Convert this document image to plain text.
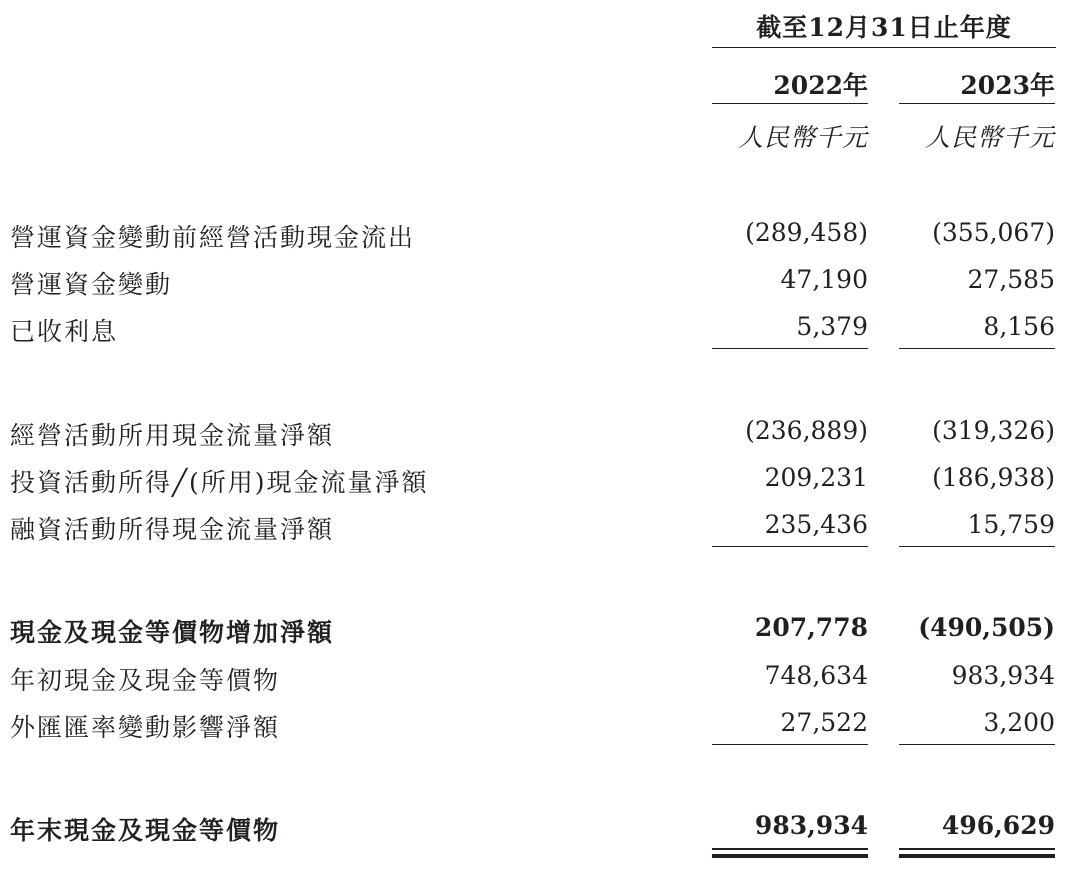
截至12月31日止年度
2022年	2023年
人民幣千元	人民幣千元
營運資金變動前經營活動現金流出	(289,458)	(355,067)
營運資金變動	47,190	27,585
已收利息	5,379	8,156
經營活動所用現金流量淨額	(236,889)	(319,326)
投資活動所得╱(所用)現金流量淨額	209,231	(186,938)
融資活動所得現金流量淨額	235,436	15,759
現金及現金等價物增加淨額	207,778	(490,505)
年初現金及現金等價物	748,634	983,934
外匯匯率變動影響淨額	27,522	3,200
年末現金及現金等價物	983,934	496,629
